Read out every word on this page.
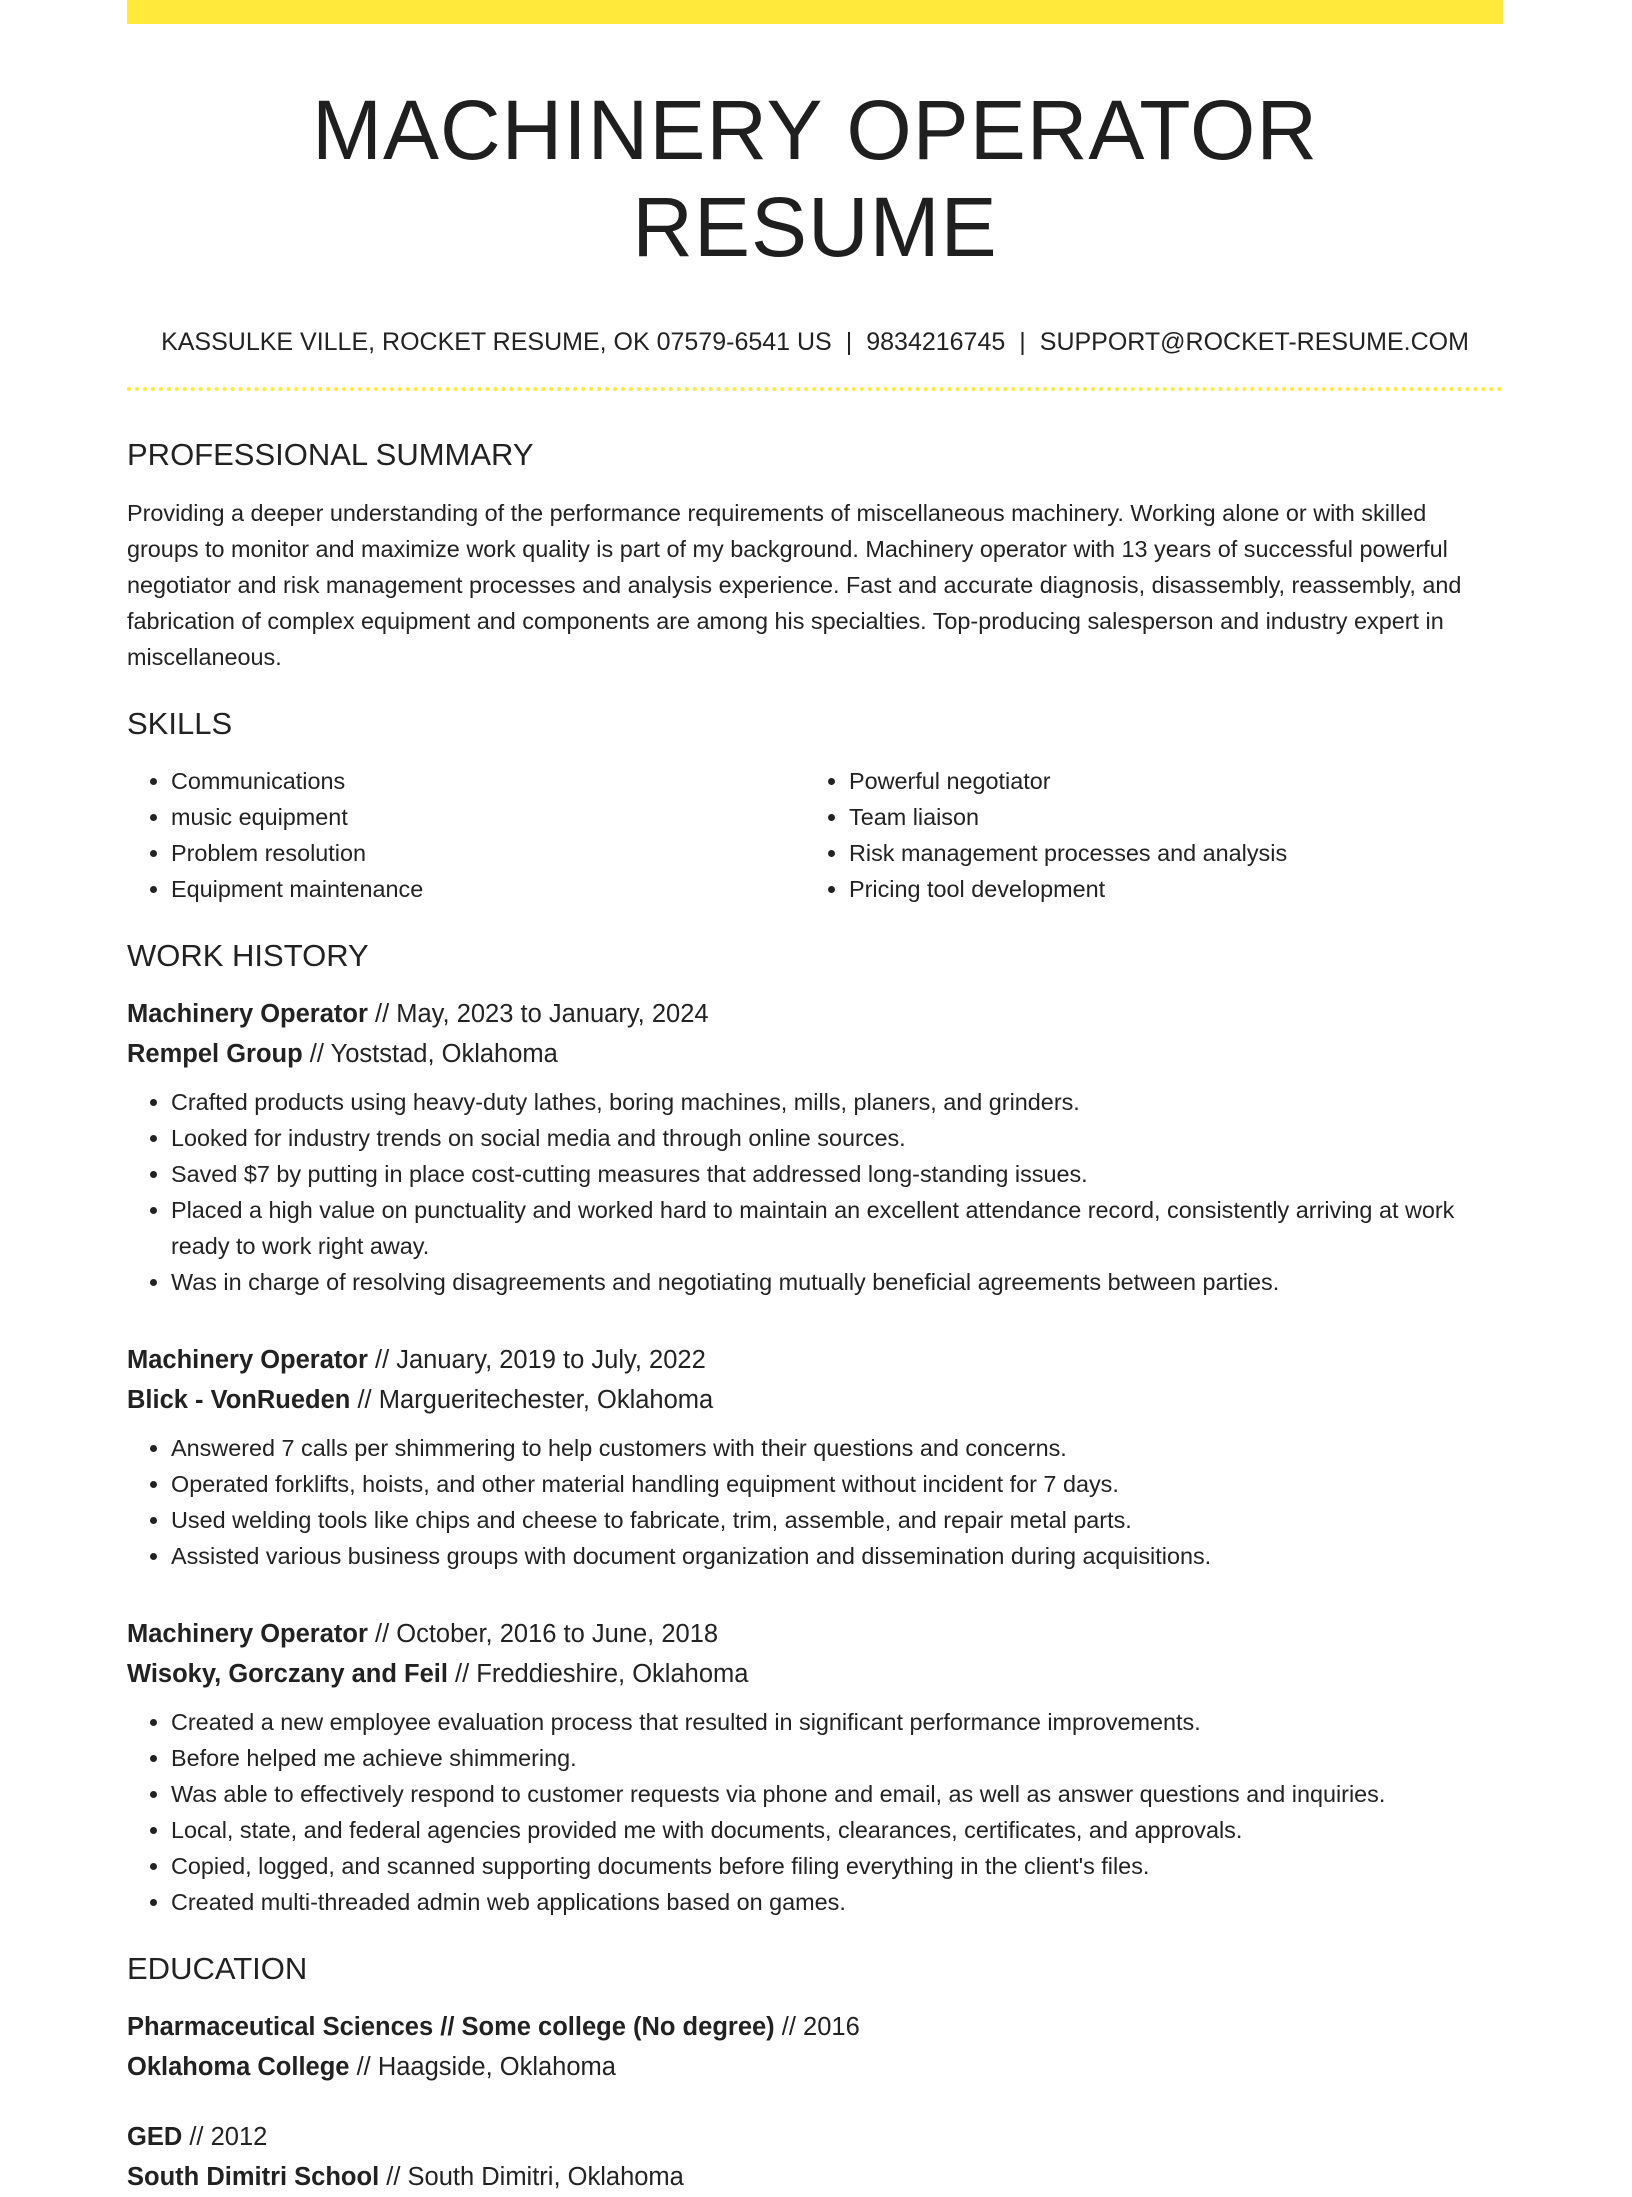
MACHINERY OPERATOR RESUME
KASSULKE VILLE, ROCKET RESUME, OK 07579-6541 US | 9834216745 | SUPPORT@ROCKET-RESUME.COM
PROFESSIONAL SUMMARY
Providing a deeper understanding of the performance requirements of miscellaneous machinery. Working alone or with skilled groups to monitor and maximize work quality is part of my background. Machinery operator with 13 years of successful powerful negotiator and risk management processes and analysis experience. Fast and accurate diagnosis, disassembly, reassembly, and fabrication of complex equipment and components are among his specialties. Top-producing salesperson and industry expert in miscellaneous.
SKILLS
• Communications
• music equipment
• Problem resolution
• Equipment maintenance
• Powerful negotiator
• Team liaison
• Risk management processes and analysis
• Pricing tool development
WORK HISTORY
Machinery Operator // May, 2023 to January, 2024
Rempel Group // Yoststad, Oklahoma
• Crafted products using heavy-duty lathes, boring machines, mills, planers, and grinders.
• Looked for industry trends on social media and through online sources.
• Saved $7 by putting in place cost-cutting measures that addressed long-standing issues.
• Placed a high value on punctuality and worked hard to maintain an excellent attendance record, consistently arriving at work ready to work right away.
• Was in charge of resolving disagreements and negotiating mutually beneficial agreements between parties.
Machinery Operator // January, 2019 to July, 2022
Blick - VonRueden // Margueritechester, Oklahoma
• Answered 7 calls per shimmering to help customers with their questions and concerns.
• Operated forklifts, hoists, and other material handling equipment without incident for 7 days.
• Used welding tools like chips and cheese to fabricate, trim, assemble, and repair metal parts.
• Assisted various business groups with document organization and dissemination during acquisitions.
Machinery Operator // October, 2016 to June, 2018
Wisoky, Gorczany and Feil // Freddieshire, Oklahoma
• Created a new employee evaluation process that resulted in significant performance improvements.
• Before helped me achieve shimmering.
• Was able to effectively respond to customer requests via phone and email, as well as answer questions and inquiries.
• Local, state, and federal agencies provided me with documents, clearances, certificates, and approvals.
• Copied, logged, and scanned supporting documents before filing everything in the client's files.
• Created multi-threaded admin web applications based on games.
EDUCATION
Pharmaceutical Sciences // Some college (No degree) // 2016
Oklahoma College // Haagside, Oklahoma
GED // 2012
South Dimitri School // South Dimitri, Oklahoma
